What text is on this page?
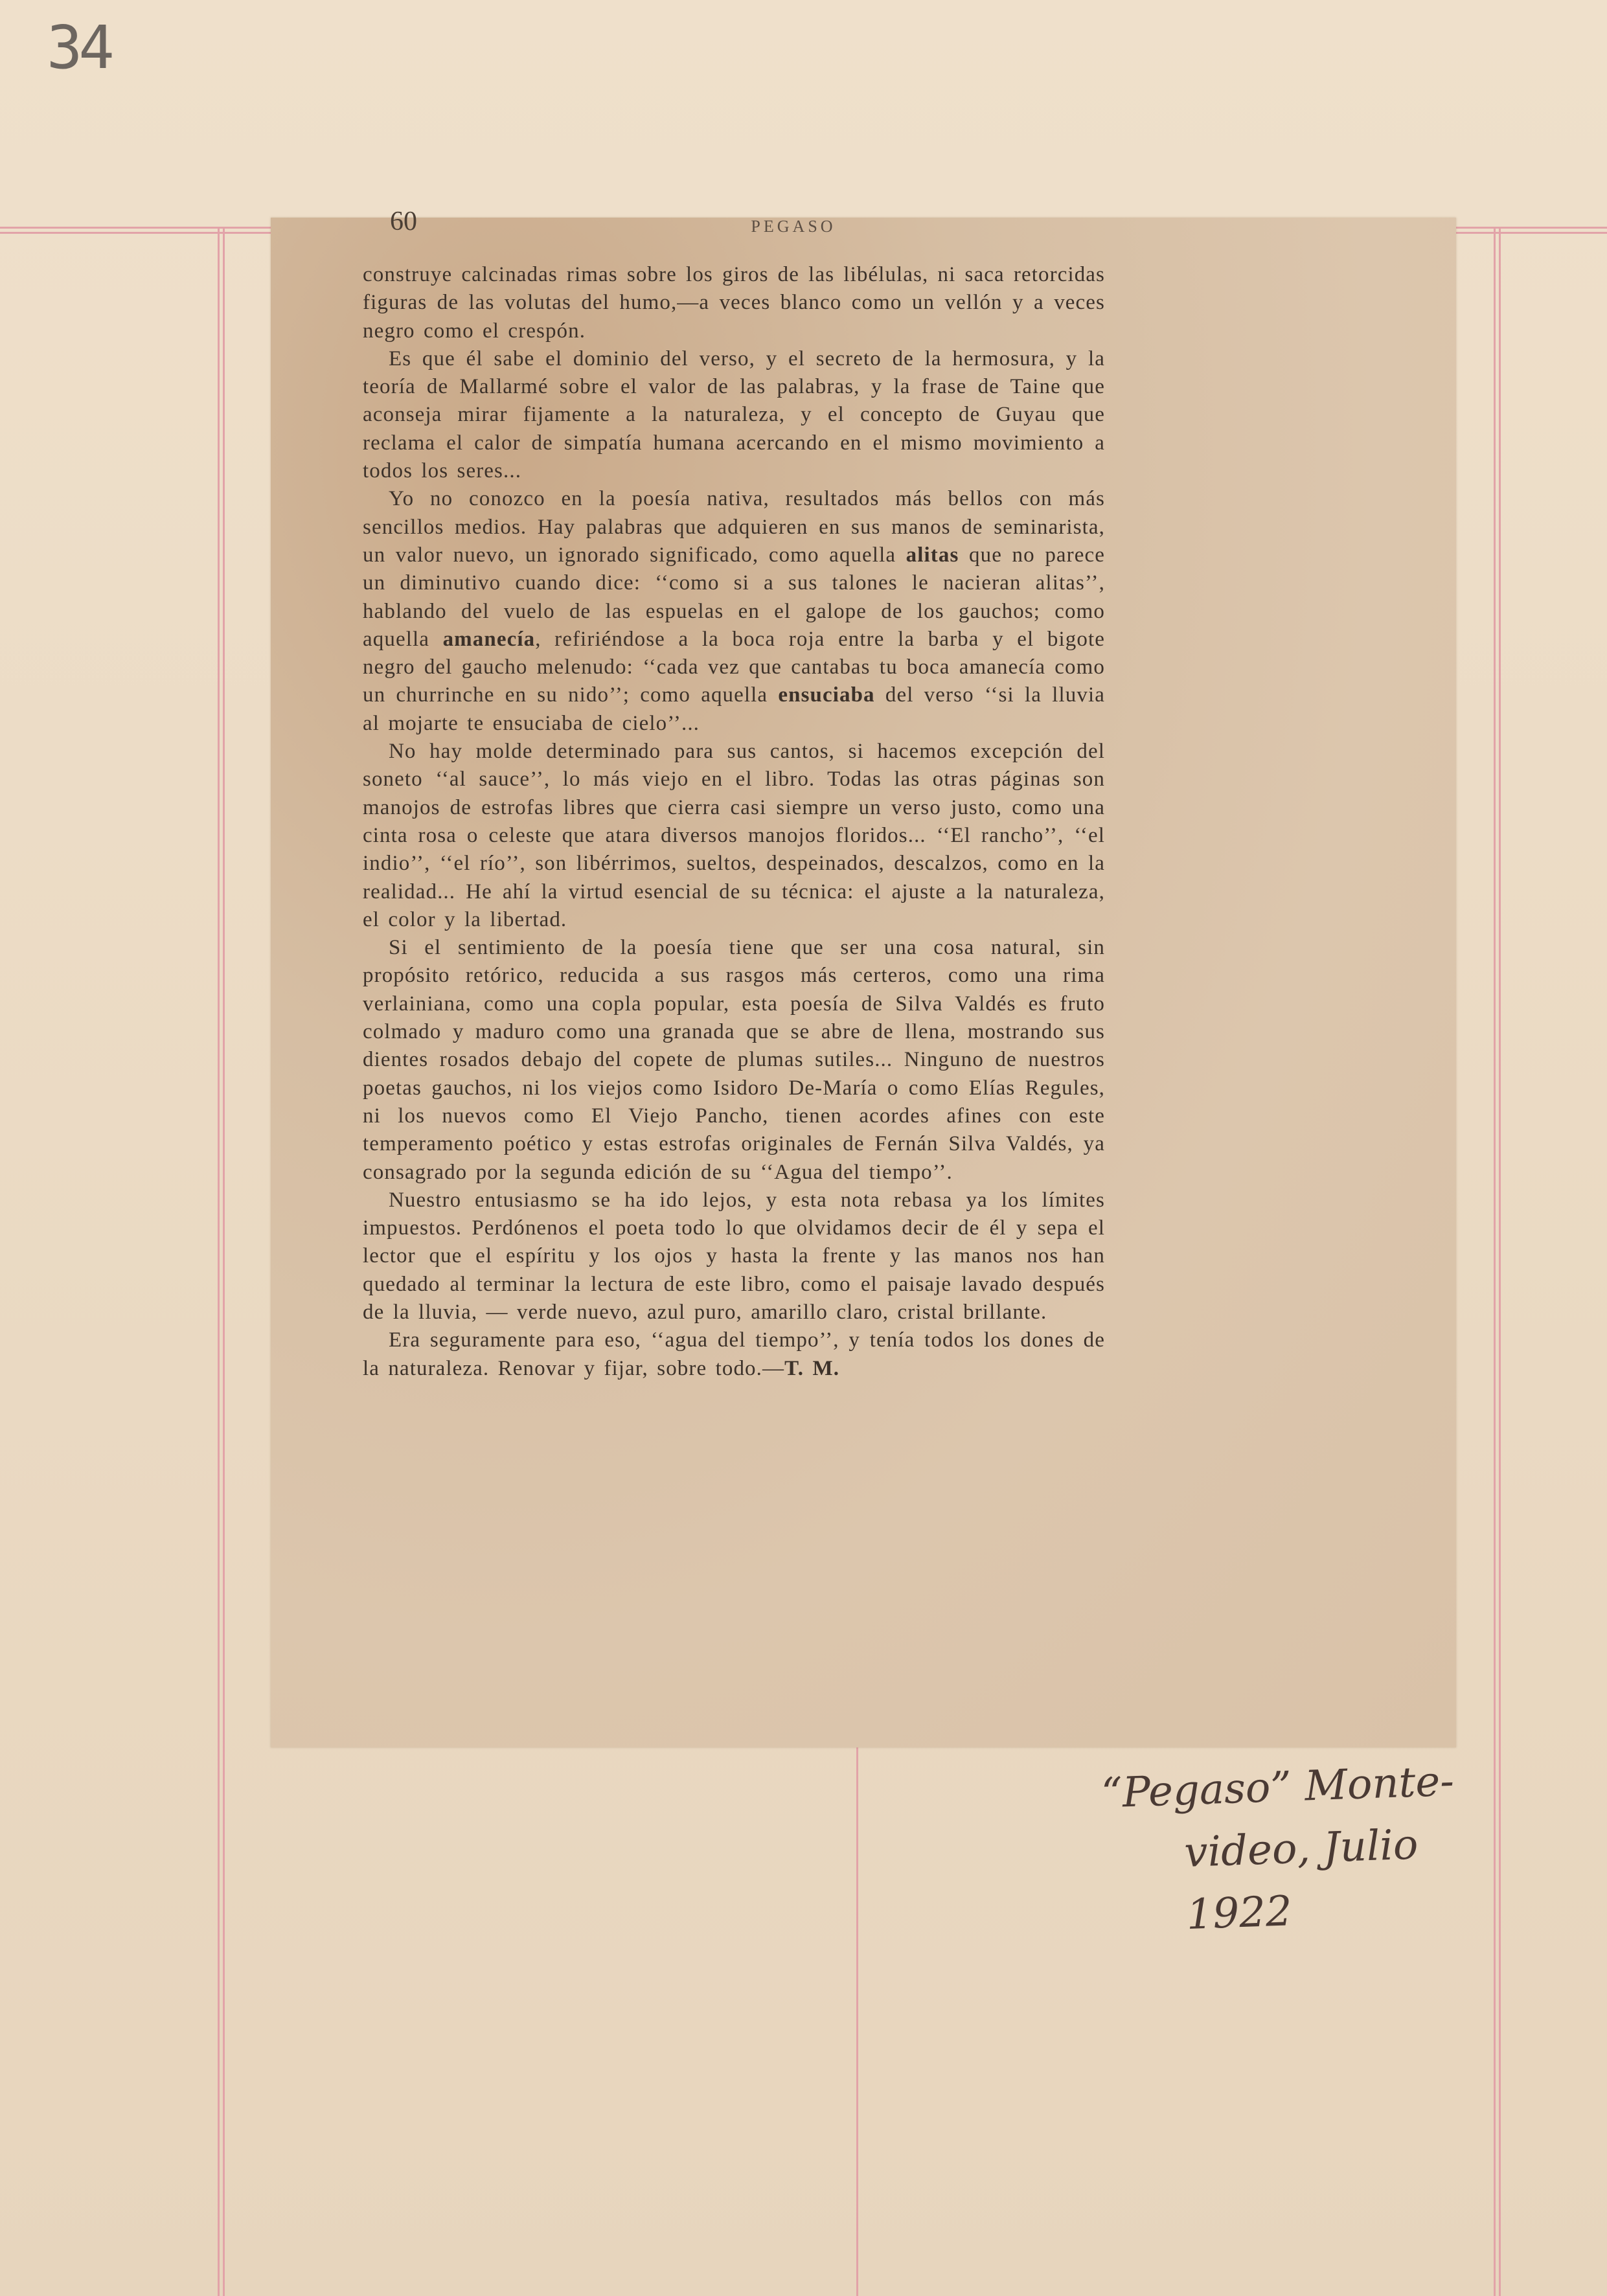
34
60	PEGASO

construye calcinadas rimas sobre los giros de las libélulas, ni saca retorcidas figuras de las volutas del humo,—a veces blanco como un vellón y a veces negro como el crespón.

Es que él sabe el dominio del verso, y el secreto de la hermosura, y la teoría de Mallarmé sobre el valor de las palabras, y la frase de Taine que aconseja mirar fijamente a la naturaleza, y el concepto de Guyau que reclama el calor de simpatía humana acercando en el mismo movimiento a todos los seres...

Yo no conozco en la poesía nativa, resultados más bellos con más sencillos medios. Hay palabras que adquieren en sus manos de seminarista, un valor nuevo, un ignorado significado, como aquella alitas que no parece un diminutivo cuando dice: ‘‘como si a sus talones le nacieran alitas’’, hablando del vuelo de las espuelas en el galope de los gauchos; como aquella amanecía, refiriéndose a la boca roja entre la barba y el bigote negro del gaucho melenudo: ‘‘cada vez que cantabas tu boca amanecía como un churrinche en su nido’’; como aquella ensuciaba del verso ‘‘si la lluvia al mojarte te ensuciaba de cielo’’...

No hay molde determinado para sus cantos, si hacemos excepción del soneto ‘‘al sauce’’, lo más viejo en el libro. Todas las otras páginas son manojos de estrofas libres que cierra casi siempre un verso justo, como una cinta rosa o celeste que atara diversos manojos floridos... ‘‘El rancho’’, ‘‘el indio’’, ‘‘el río’’, son libérrimos, sueltos, despeinados, descalzos, como en la realidad... He ahí la virtud esencial de su técnica: el ajuste a la naturaleza, el color y la libertad.

Si el sentimiento de la poesía tiene que ser una cosa natural, sin propósito retórico, reducida a sus rasgos más certeros, como una rima verlainiana, como una copla popular, esta poesía de Silva Valdés es fruto colmado y maduro como una granada que se abre de llena, mostrando sus dientes rosados debajo del copete de plumas sutiles... Ninguno de nuestros poetas gauchos, ni los viejos como Isidoro De-María o como Elías Regules, ni los nuevos como El Viejo Pancho, tienen acordes afines con este temperamento poético y estas estrofas originales de Fernán Silva Valdés, ya consagrado por la segunda edición de su ‘‘Agua del tiempo’’.

Nuestro entusiasmo se ha ido lejos, y esta nota rebasa ya los límites impuestos. Perdónenos el poeta todo lo que olvidamos decir de él y sepa el lector que el espíritu y los ojos y hasta la frente y las manos nos han quedado al terminar la lectura de este libro, como el paisaje lavado después de la lluvia, — verde nuevo, azul puro, amarillo claro, cristal brillante.

Era seguramente para eso, ‘‘agua del tiempo’’, y tenía todos los dones de la naturaleza. Renovar y fijar, sobre todo.—T. M.

“Pegaso” Monte-
video, Julio 1922
